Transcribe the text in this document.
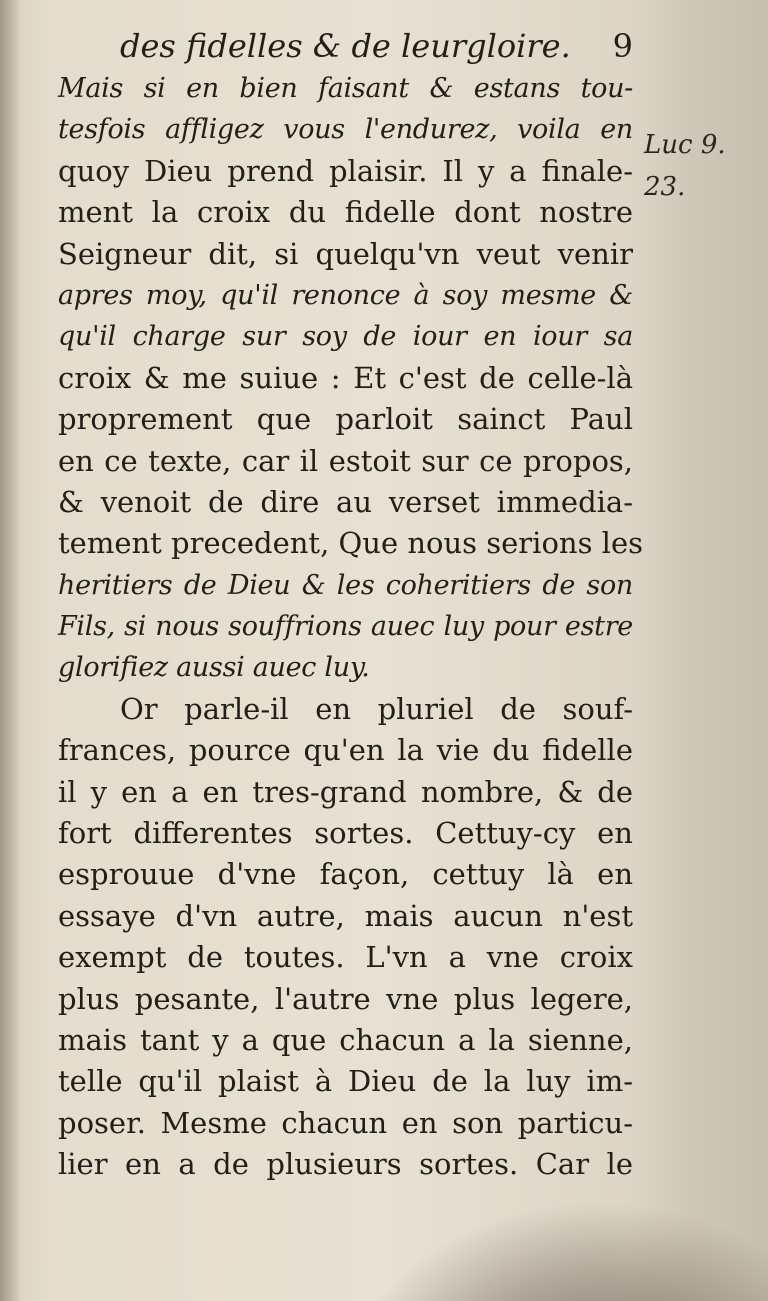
des fidelles & de leurgloire. 9
Mais si en bien faisant & estans tou-
tesfois affligez vous l'endurez, voila en
quoy Dieu prend plaisir. Il y a finale-
ment la croix du fidelle dont nostre
Seigneur dit, si quelqu'vn veut venir
apres moy, qu'il renonce à soy mesme &
qu'il charge sur soy de iour en iour sa
croix & me suiue : Et c'est de celle-là
proprement que parloit sainct Paul
en ce texte, car il estoit sur ce propos,
& venoit de dire au verset immedia-
tement precedent, Que nous serions les
heritiers de Dieu & les coheritiers de son
Fils, si nous souffrions auec luy pour estre
glorifiez aussi auec luy.
Or parle-il en pluriel de souf-
frances, pource qu'en la vie du fidelle
il y en a en tres-grand nombre, & de
fort differentes sortes. Cettuy-cy en
esprouue d'vne façon, cettuy là en
essaye d'vn autre, mais aucun n'est
exempt de toutes. L'vn a vne croix
plus pesante, l'autre vne plus legere,
mais tant y a que chacun a la sienne,
telle qu'il plaist à Dieu de la luy im-
poser. Mesme chacun en son particu-
lier en a de plusieurs sortes. Car le
Luc 9.
23.
